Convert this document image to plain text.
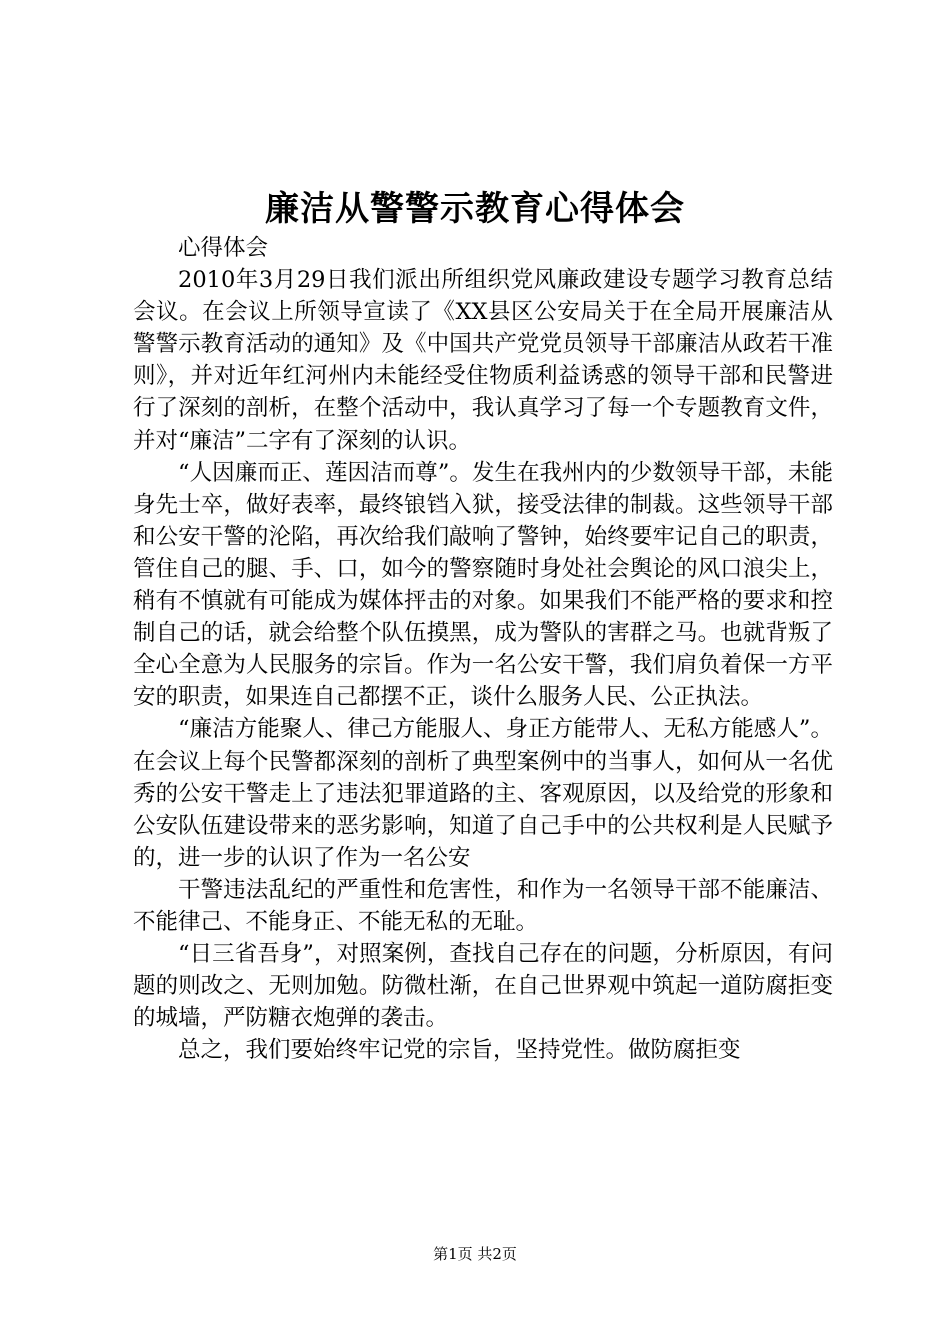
廉洁从警警示教育心得体会

心得体会

2010年3月29日我们派出所组织党风廉政建设专题学习教育总结会议。在会议上所领导宣读了《XX县区公安局关于在全局开展廉洁从警警示教育活动的通知》及《中国共产党党员领导干部廉洁从政若干准则》，并对近年红河州内未能经受住物质利益诱惑的领导干部和民警进行了深刻的剖析，在整个活动中，我认真学习了每一个专题教育文件，并对“廉洁”二字有了深刻的认识。

“人因廉而正、莲因洁而尊”。发生在我州内的少数领导干部，未能身先士卒，做好表率，最终锒铛入狱，接受法律的制裁。这些领导干部和公安干警的沦陷，再次给我们敲响了警钟，始终要牢记自己的职责，管住自己的腿、手、口，如今的警察随时身处社会舆论的风口浪尖上，稍有不慎就有可能成为媒体抨击的对象。如果我们不能严格的要求和控制自己的话，就会给整个队伍摸黑，成为警队的害群之马。也就背叛了全心全意为人民服务的宗旨。作为一名公安干警，我们肩负着保一方平安的职责，如果连自己都摆不正，谈什么服务人民、公正执法。

“廉洁方能聚人、律己方能服人、身正方能带人、无私方能感人”。在会议上每个民警都深刻的剖析了典型案例中的当事人，如何从一名优秀的公安干警走上了违法犯罪道路的主、客观原因，以及给党的形象和公安队伍建设带来的恶劣影响，知道了自己手中的公共权利是人民赋予的，进一步的认识了作为一名公安

干警违法乱纪的严重性和危害性，和作为一名领导干部不能廉洁、不能律己、不能身正、不能无私的无耻。

“日三省吾身”，对照案例，查找自己存在的问题，分析原因，有问题的则改之、无则加勉。防微杜渐，在自己世界观中筑起一道防腐拒变的城墙，严防糖衣炮弹的袭击。

总之，我们要始终牢记党的宗旨，坚持党性。做防腐拒变

第1页 共2页
